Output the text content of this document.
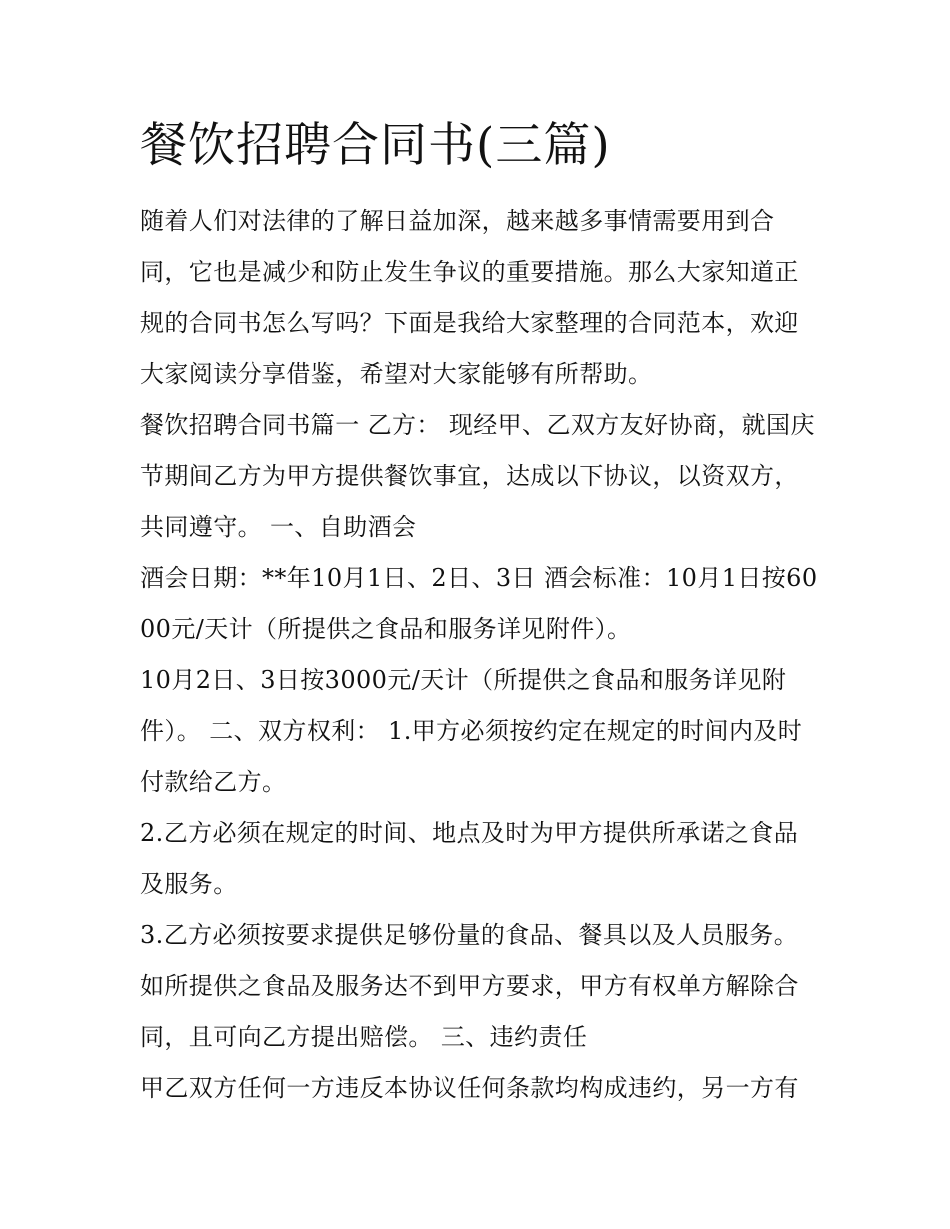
餐饮招聘合同书(三篇)

随着人们对法律的了解日益加深，越来越多事情需要用到合同，它也是减少和防止发生争议的重要措施。那么大家知道正规的合同书怎么写吗？下面是我给大家整理的合同范本，欢迎大家阅读分享借鉴，希望对大家能够有所帮助。

餐饮招聘合同书篇一 乙方： 现经甲、乙双方友好协商，就国庆节期间乙方为甲方提供餐饮事宜，达成以下协议，以资双方，共同遵守。 一、自助酒会

酒会日期：**年10月1日、2日、3日 酒会标准：10月1日按6000元/天计（所提供之食品和服务详见附件）。

10月2日、3日按3000元/天计（所提供之食品和服务详见附件）。 二、双方权利： 1.甲方必须按约定在规定的时间内及时付款给乙方。

2.乙方必须在规定的时间、地点及时为甲方提供所承诺之食品及服务。

3.乙方必须按要求提供足够份量的食品、餐具以及人员服务。如所提供之食品及服务达不到甲方要求，甲方有权单方解除合同，且可向乙方提出赔偿。 三、违约责任

甲乙双方任何一方违反本协议任何条款均构成违约，另一方有
